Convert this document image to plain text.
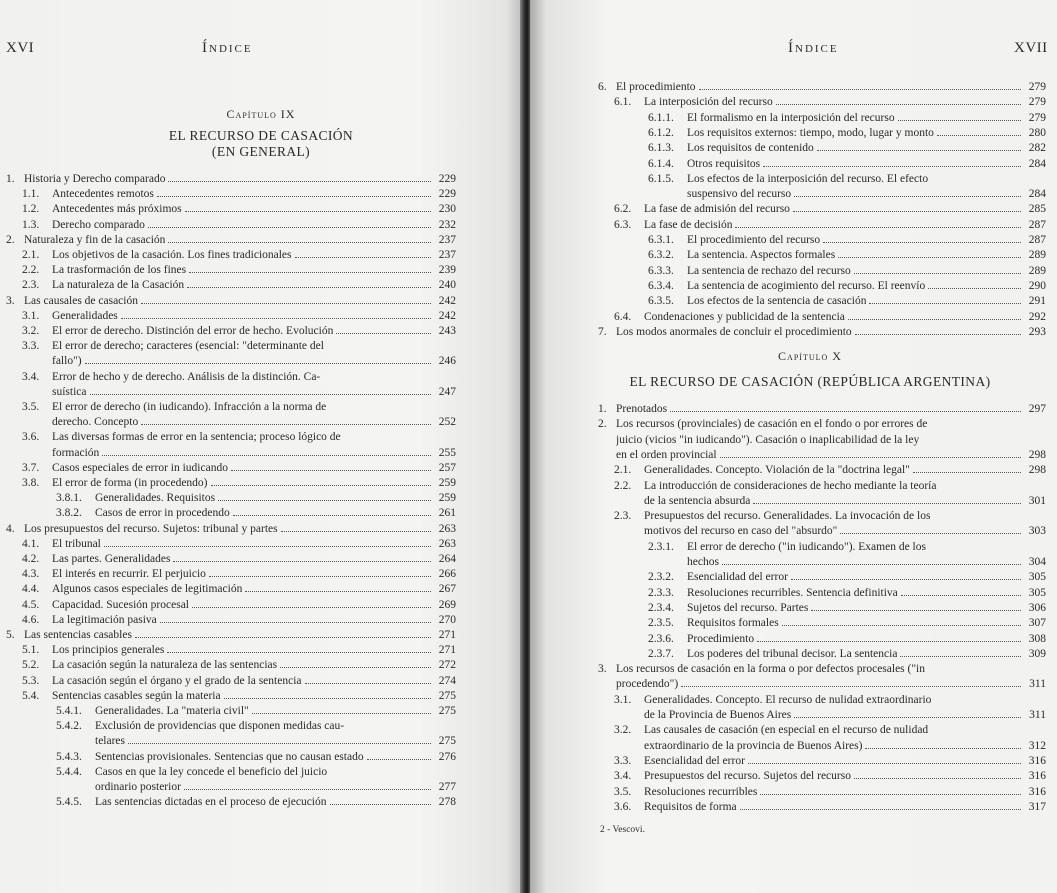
XVI	Índice
Capítulo IX
EL RECURSO DE CASACIÓN
(EN GENERAL)
1. Historia y Derecho comparado	229
1.1.	Antecedentes remotos	229
1.2.	Antecedentes más próximos	230
1.3.	Derecho comparado	232
2. Naturaleza y fin de la casación	237
2.1.	Los objetivos de la casación. Los fines tradicionales	237
2.2.	La trasformación de los fines	239
2.3.	La naturaleza de la Casación	240
3. Las causales de casación	242
3.1.	Generalidades	242
3.2.	El error de derecho. Distinción del error de hecho. Evolución	243
3.3.	El error de derecho; caracteres (esencial: "determinante del
fallo")	246
3.4.	Error de hecho y de derecho. Análisis de la distinción. Ca-
suística	247
3.5.	El error de derecho (in iudicando). Infracción a la norma de
derecho. Concepto	252
3.6.	Las diversas formas de error en la sentencia; proceso lógico de
formación	255
3.7.	Casos especiales de error in iudicando	257
3.8.	El error de forma (in procedendo)	259
3.8.1.	Generalidades. Requisitos	259
3.8.2.	Casos de error in procedendo	261
4. Los presupuestos del recurso. Sujetos: tribunal y partes	263
4.1.	El tribunal	263
4.2.	Las partes. Generalidades	264
4.3.	El interés en recurrir. El perjuicio	266
4.4.	Algunos casos especiales de legitimación	267
4.5.	Capacidad. Sucesión procesal	269
4.6.	La legitimación pasiva	270
5. Las sentencias casables	271
5.1.	Los principios generales	271
5.2.	La casación según la naturaleza de las sentencias	272
5.3.	La casación según el órgano y el grado de la sentencia	274
5.4.	Sentencias casables según la materia	275
5.4.1.	Generalidades. La "materia civil"	275
5.4.2.	Exclusión de providencias que disponen medidas cau-
telares	275
5.4.3.	Sentencias provisionales. Sentencias que no causan estado	276
5.4.4.	Casos en que la ley concede el beneficio del juicio
ordinario posterior	277
5.4.5.	Las sentencias dictadas en el proceso de ejecución	278
Índice	XVII
6. El procedimiento	279
6.1.	La interposición del recurso	279
6.1.1.	El formalismo en la interposición del recurso	279
6.1.2.	Los requisitos externos: tiempo, modo, lugar y monto	280
6.1.3.	Los requisitos de contenido	282
6.1.4.	Otros requisitos	284
6.1.5.	Los efectos de la interposición del recurso. El efecto
suspensivo del recurso	284
6.2.	La fase de admisión del recurso	285
6.3.	La fase de decisión	287
6.3.1.	El procedimiento del recurso	287
6.3.2.	La sentencia. Aspectos formales	289
6.3.3.	La sentencia de rechazo del recurso	289
6.3.4.	La sentencia de acogimiento del recurso. El reenvío	290
6.3.5.	Los efectos de la sentencia de casación	291
6.4.	Condenaciones y publicidad de la sentencia	292
7. Los modos anormales de concluir el procedimiento	293
Capítulo X
EL RECURSO DE CASACIÓN (REPÚBLICA ARGENTINA)
1. Prenotados	297
2. Los recursos (provinciales) de casación en el fondo o por errores de
juicio (vicios "in iudicando"). Casación o inaplicabilidad de la ley
en el orden provincial	298
2.1.	Generalidades. Concepto. Violación de la "doctrina legal"	298
2.2.	La introducción de consideraciones de hecho mediante la teoría
de la sentencia absurda	301
2.3.	Presupuestos del recurso. Generalidades. La invocación de los
motivos del recurso en caso del "absurdo"	303
2.3.1.	El error de derecho ("in iudicando"). Examen de los
hechos	304
2.3.2.	Esencialidad del error	305
2.3.3.	Resoluciones recurribles. Sentencia definitiva	305
2.3.4.	Sujetos del recurso. Partes	306
2.3.5.	Requisitos formales	307
2.3.6.	Procedimiento	308
2.3.7.	Los poderes del tribunal decisor. La sentencia	309
3. Los recursos de casación en la forma o por defectos procesales ("in
procedendo")	311
3.1.	Generalidades. Concepto. El recurso de nulidad extraordinario
de la Provincia de Buenos Aires	311
3.2.	Las causales de casación (en especial en el recurso de nulidad
extraordinario de la provincia de Buenos Aires)	312
3.3.	Esencialidad del error	316
3.4.	Presupuestos del recurso. Sujetos del recurso	316
3.5.	Resoluciones recurribles	316
3.6.	Requisitos de forma	317
2 - Vescovi.
